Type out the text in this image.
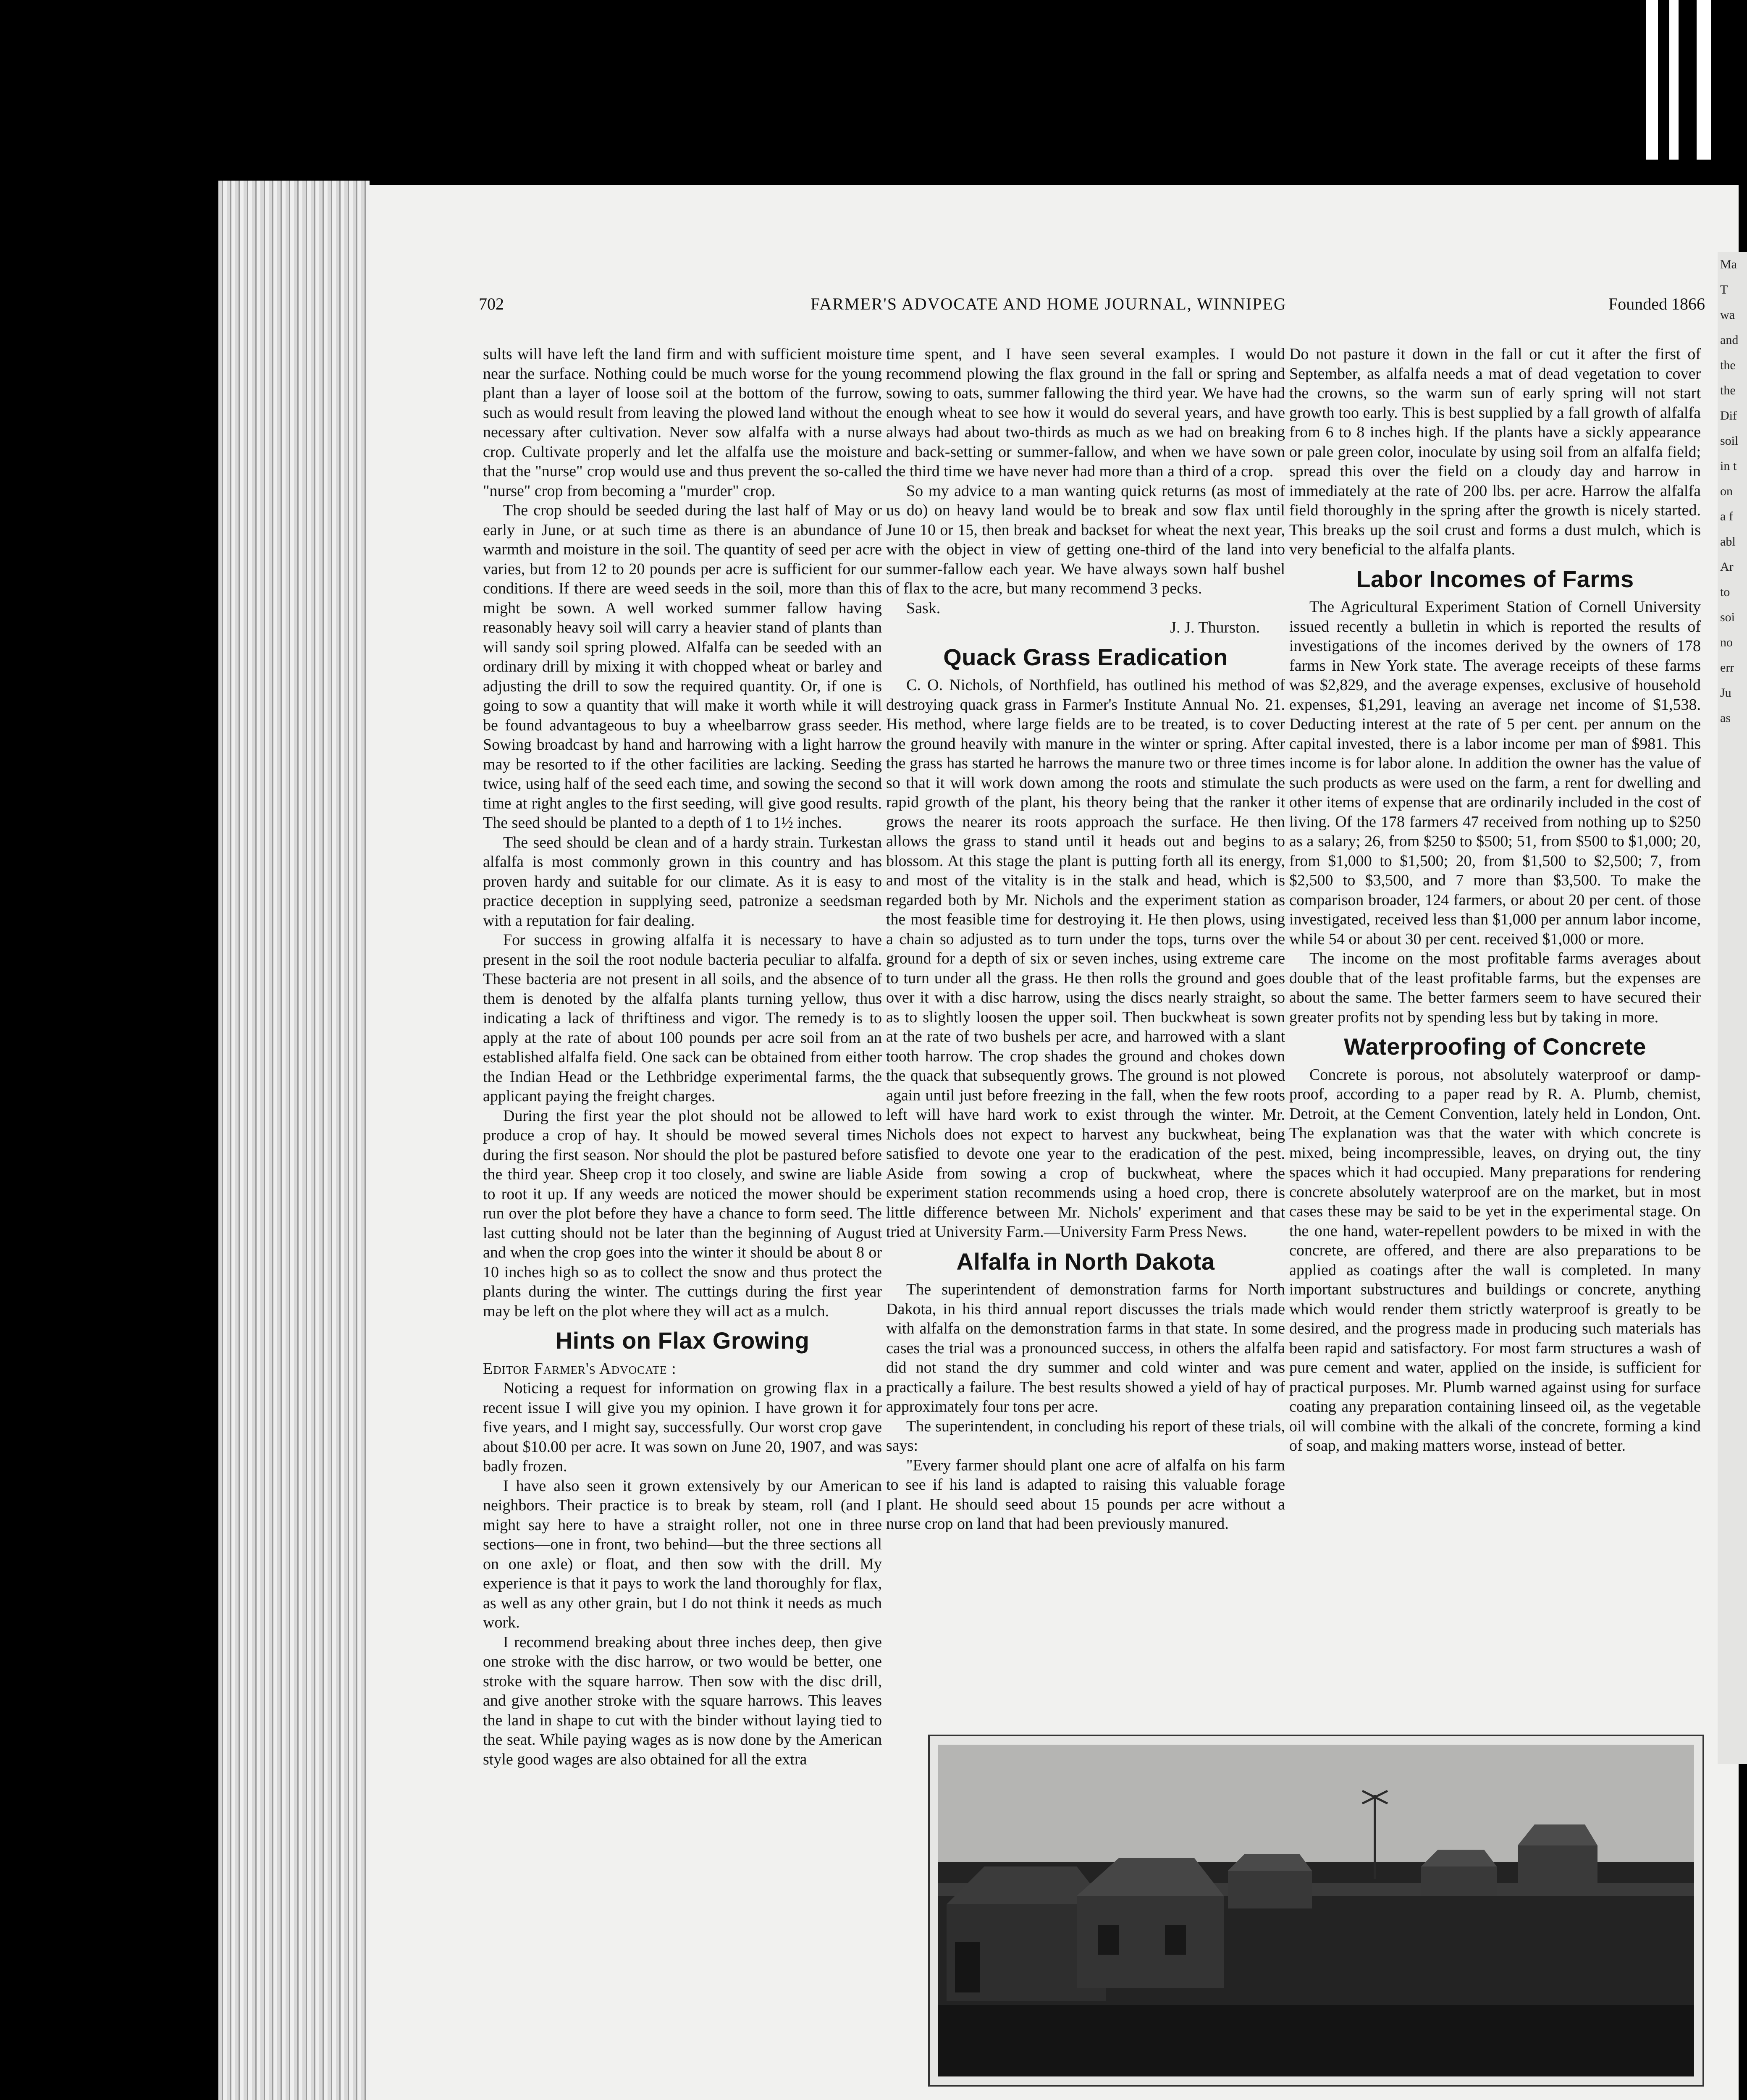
Ma
T
wa
and
the
the
Dif
soil
in t
on
a f
abl
Ar
to
soi
no
err
Ju
as
702	FARMER'S ADVOCATE AND HOME JOURNAL, WINNIPEG	Founded 1866

sults will have left the land firm and with sufficient moisture near the surface. Nothing could be much worse for the young plant than a layer of loose soil at the bottom of the furrow, such as would result from leaving the plowed land without the necessary after cultivation. Never sow alfalfa with a nurse crop. Cultivate properly and let the alfalfa use the moisture that the "nurse" crop would use and thus prevent the so-called "nurse" crop from becoming a "murder" crop.

The crop should be seeded during the last half of May or early in June, or at such time as there is an abundance of warmth and moisture in the soil. The quantity of seed per acre varies, but from 12 to 20 pounds per acre is sufficient for our conditions. If there are weed seeds in the soil, more than this might be sown. A well worked summer fallow having reasonably heavy soil will carry a heavier stand of plants than will sandy soil spring plowed. Alfalfa can be seeded with an ordinary drill by mixing it with chopped wheat or barley and adjusting the drill to sow the required quantity. Or, if one is going to sow a quantity that will make it worth while it will be found advantageous to buy a wheelbarrow grass seeder. Sowing broadcast by hand and harrowing with a light harrow may be resorted to if the other facilities are lacking. Seeding twice, using half of the seed each time, and sowing the second time at right angles to the first seeding, will give good results. The seed should be planted to a depth of 1 to 1½ inches.

The seed should be clean and of a hardy strain. Turkestan alfalfa is most commonly grown in this country and has proven hardy and suitable for our climate. As it is easy to practice deception in supplying seed, patronize a seedsman with a reputation for fair dealing.

For success in growing alfalfa it is necessary to have present in the soil the root nodule bacteria peculiar to alfalfa. These bacteria are not present in all soils, and the absence of them is denoted by the alfalfa plants turning yellow, thus indicating a lack of thriftiness and vigor. The remedy is to apply at the rate of about 100 pounds per acre soil from an established alfalfa field. One sack can be obtained from either the Indian Head or the Lethbridge experimental farms, the applicant paying the freight charges.

During the first year the plot should not be allowed to produce a crop of hay. It should be mowed several times during the first season. Nor should the plot be pastured before the third year. Sheep crop it too closely, and swine are liable to root it up. If any weeds are noticed the mower should be run over the plot before they have a chance to form seed. The last cutting should not be later than the beginning of August and when the crop goes into the winter it should be about 8 or 10 inches high so as to collect the snow and thus protect the plants during the winter. The cuttings during the first year may be left on the plot where they will act as a mulch.

Hints on Flax Growing

Editor Farmer's Advocate :

Noticing a request for information on growing flax in a recent issue I will give you my opinion. I have grown it for five years, and I might say, successfully. Our worst crop gave about $10.00 per acre. It was sown on June 20, 1907, and was badly frozen.

I have also seen it grown extensively by our American neighbors. Their practice is to break by steam, roll (and I might say here to have a straight roller, not one in three sections—one in front, two behind—but the three sections all on one axle) or float, and then sow with the drill. My experience is that it pays to work the land thoroughly for flax, as well as any other grain, but I do not think it needs as much work.

I recommend breaking about three inches deep, then give one stroke with the disc harrow, or two would be better, one stroke with the square harrow. Then sow with the disc drill, and give another stroke with the square harrows. This leaves the land in shape to cut with the binder without laying tied to the seat. While paying wages as is now done by the American style good wages are also obtained for all the extra

time spent, and I have seen several examples. I would recommend plowing the flax ground in the fall or spring and sowing to oats, summer fallowing the third year. We have had enough wheat to see how it would do several years, and have always had about two-thirds as much as we had on breaking and back-setting or summer-fallow, and when we have sown the third time we have never had more than a third of a crop.

So my advice to a man wanting quick returns (as most of us do) on heavy land would be to break and sow flax until June 10 or 15, then break and backset for wheat the next year, with the object in view of getting one-third of the land into summer-fallow each year. We have always sown half bushel of flax to the acre, but many recommend 3 pecks.

Sask.

J. J. Thurston.

Quack Grass Eradication

C. O. Nichols, of Northfield, has outlined his method of destroying quack grass in Farmer's Institute Annual No. 21. His method, where large fields are to be treated, is to cover the ground heavily with manure in the winter or spring. After the grass has started he harrows the manure two or three times so that it will work down among the roots and stimulate the rapid growth of the plant, his theory being that the ranker it grows the nearer its roots approach the surface. He then allows the grass to stand until it heads out and begins to blossom. At this stage the plant is putting forth all its energy, and most of the vitality is in the stalk and head, which is regarded both by Mr. Nichols and the experiment station as the most feasible time for destroying it. He then plows, using a chain so adjusted as to turn under the tops, turns over the ground for a depth of six or seven inches, using extreme care to turn under all the grass. He then rolls the ground and goes over it with a disc harrow, using the discs nearly straight, so as to slightly loosen the upper soil. Then buckwheat is sown at the rate of two bushels per acre, and harrowed with a slant tooth harrow. The crop shades the ground and chokes down the quack that subsequently grows. The ground is not plowed again until just before freezing in the fall, when the few roots left will have hard work to exist through the winter. Mr. Nichols does not expect to harvest any buckwheat, being satisfied to devote one year to the eradication of the pest. Aside from sowing a crop of buckwheat, where the experiment station recommends using a hoed crop, there is little difference between Mr. Nichols' experiment and that tried at University Farm.—University Farm Press News.

Alfalfa in North Dakota

The superintendent of demonstration farms for North Dakota, in his third annual report discusses the trials made with alfalfa on the demonstration farms in that state. In some cases the trial was a pronounced success, in others the alfalfa did not stand the dry summer and cold winter and was practically a failure. The best results showed a yield of hay of approximately four tons per acre.

The superintendent, in concluding his report of these trials, says:

"Every farmer should plant one acre of alfalfa on his farm to see if his land is adapted to raising this valuable forage plant. He should seed about 15 pounds per acre without a nurse crop on land that had been previously manured.

Do not pasture it down in the fall or cut it after the first of September, as alfalfa needs a mat of dead vegetation to cover the crowns, so the warm sun of early spring will not start growth too early. This is best supplied by a fall growth of alfalfa from 6 to 8 inches high. If the plants have a sickly appearance or pale green color, inoculate by using soil from an alfalfa field; spread this over the field on a cloudy day and harrow in immediately at the rate of 200 lbs. per acre. Harrow the alfalfa field thoroughly in the spring after the growth is nicely started. This breaks up the soil crust and forms a dust mulch, which is very beneficial to the alfalfa plants.

Labor Incomes of Farms

The Agricultural Experiment Station of Cornell University issued recently a bulletin in which is reported the results of investigations of the incomes derived by the owners of 178 farms in New York state. The average receipts of these farms was $2,829, and the average expenses, exclusive of household expenses, $1,291, leaving an average net income of $1,538. Deducting interest at the rate of 5 per cent. per annum on the capital invested, there is a labor income per man of $981. This income is for labor alone. In addition the owner has the value of such products as were used on the farm, a rent for dwelling and other items of expense that are ordinarily included in the cost of living. Of the 178 farmers 47 received from nothing up to $250 as a salary; 26, from $250 to $500; 51, from $500 to $1,000; 20, from $1,000 to $1,500; 20, from $1,500 to $2,500; 7, from $2,500 to $3,500, and 7 more than $3,500. To make the comparison broader, 124 farmers, or about 20 per cent. of those investigated, received less than $1,000 per annum labor income, while 54 or about 30 per cent. received $1,000 or more.

The income on the most profitable farms averages about double that of the least profitable farms, but the expenses are about the same. The better farmers seem to have secured their greater profits not by spending less but by taking in more.

Waterproofing of Concrete

Concrete is porous, not absolutely waterproof or damp-proof, according to a paper read by R. A. Plumb, chemist, Detroit, at the Cement Convention, lately held in London, Ont. The explanation was that the water with which concrete is mixed, being incompressible, leaves, on drying out, the tiny spaces which it had occupied. Many preparations for rendering concrete absolutely waterproof are on the market, but in most cases these may be said to be yet in the experimental stage. On the one hand, water-repellent powders to be mixed in with the concrete, are offered, and there are also preparations to be applied as coatings after the wall is completed. In many important substructures and buildings or concrete, anything which would render them strictly waterproof is greatly to be desired, and the progress made in producing such materials has been rapid and satisfactory. For most farm structures a wash of pure cement and water, applied on the inside, is sufficient for practical purposes. Mr. Plumb warned against using for surface coating any preparation containing linseed oil, as the vegetable oil will combine with the alkali of the concrete, forming a kind of soap, and making matters worse, instead of better.
